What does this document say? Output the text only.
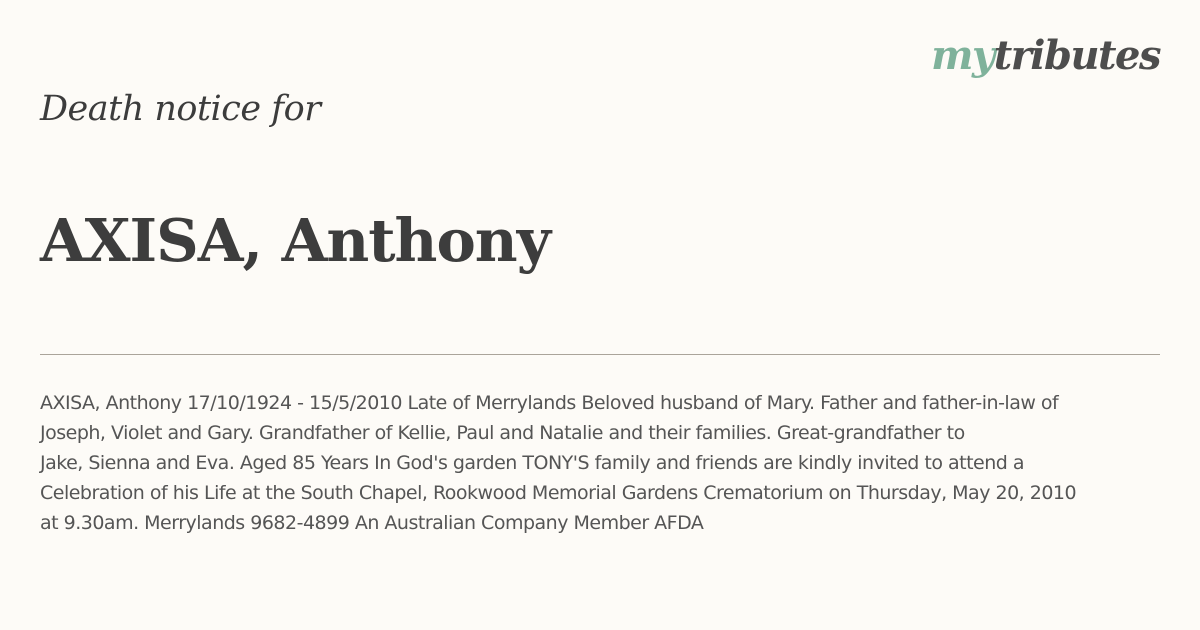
mytributes
Death notice for
AXISA, Anthony
AXISA, Anthony 17/10/1924 - 15/5/2010 Late of Merrylands Beloved husband of Mary. Father and father-in-law of
Joseph, Violet and Gary. Grandfather of Kellie, Paul and Natalie and their families. Great-grandfather to
Jake, Sienna and Eva. Aged 85 Years In God's garden TONY'S family and friends are kindly invited to attend a
Celebration of his Life at the South Chapel, Rookwood Memorial Gardens Crematorium on Thursday, May 20, 2010
at 9.30am. Merrylands 9682-4899 An Australian Company Member AFDA
